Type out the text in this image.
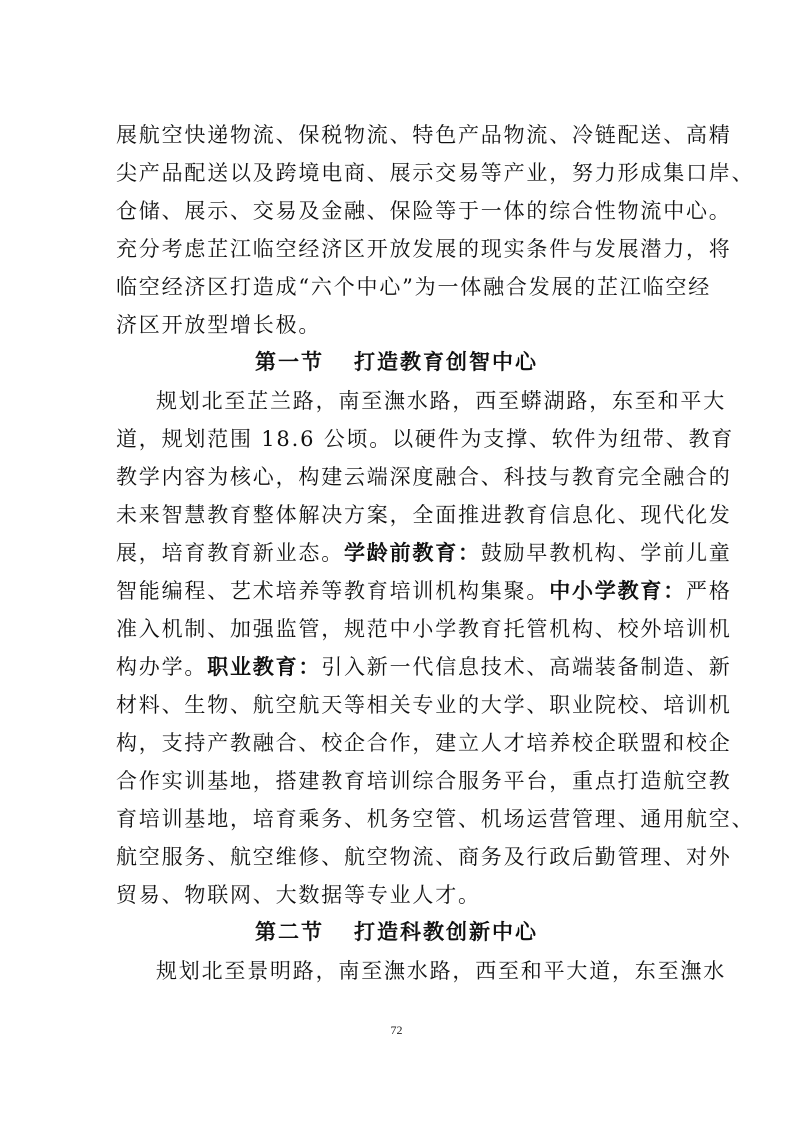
展航空快递物流、保税物流、特色产品物流、冷链配送、高精
尖产品配送以及跨境电商、展示交易等产业，努力形成集口岸、
仓储、展示、交易及金融、保险等于一体的综合性物流中心。
充分考虑芷江临空经济区开放发展的现实条件与发展潜力，将
临空经济区打造成“六个中心”为一体融合发展的芷江临空经
济区开放型增长极。
第一节 打造教育创智中心
规划北至芷兰路，南至潕水路，西至蟒湖路，东至和平大
道，规划范围 18.6 公顷。以硬件为支撑、软件为纽带、教育
教学内容为核心，构建云端深度融合、科技与教育完全融合的
未来智慧教育整体解决方案，全面推进教育信息化、现代化发
展，培育教育新业态。学龄前教育：鼓励早教机构、学前儿童
智能编程、艺术培养等教育培训机构集聚。中小学教育：严格
准入机制、加强监管，规范中小学教育托管机构、校外培训机
构办学。职业教育：引入新一代信息技术、高端装备制造、新
材料、生物、航空航天等相关专业的大学、职业院校、培训机
构，支持产教融合、校企合作，建立人才培养校企联盟和校企
合作实训基地，搭建教育培训综合服务平台，重点打造航空教
育培训基地，培育乘务、机务空管、机场运营管理、通用航空、
航空服务、航空维修、航空物流、商务及行政后勤管理、对外
贸易、物联网、大数据等专业人才。
第二节 打造科教创新中心
规划北至景明路，南至潕水路，西至和平大道，东至潕水
72
